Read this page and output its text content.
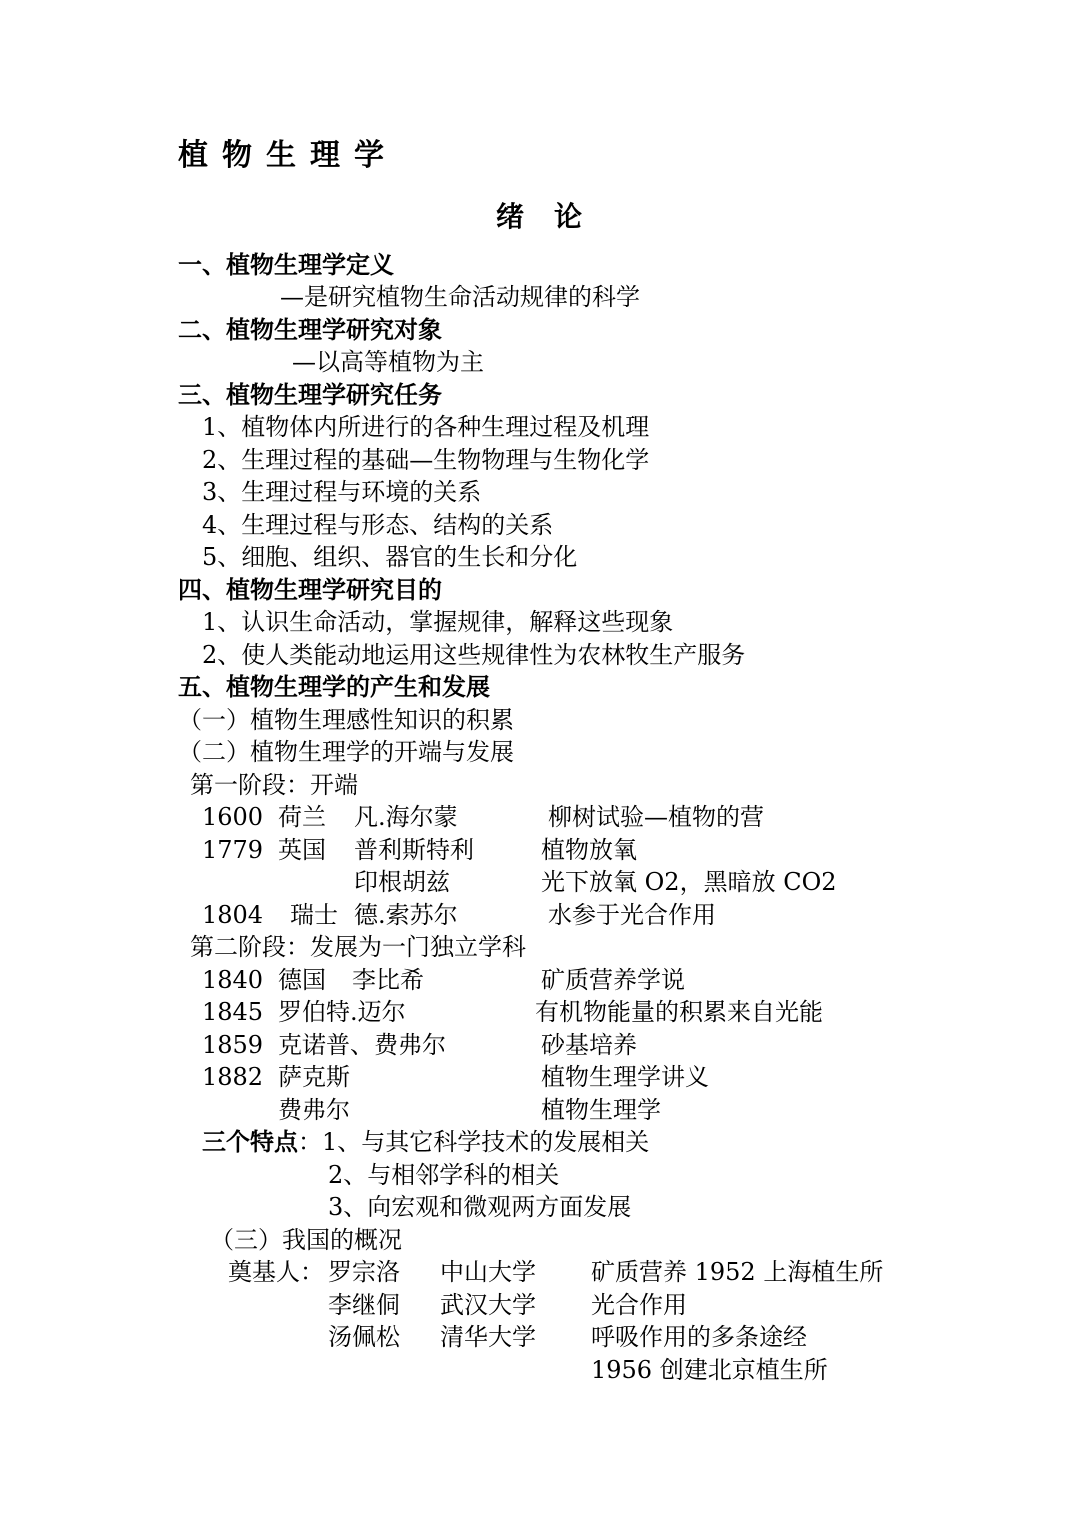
植物生理学
绪论
一、植物生理学定义
—是研究植物生命活动规律的科学
二、植物生理学研究对象
—以高等植物为主
三、植物生理学研究任务
1、植物体内所进行的各种生理过程及机理
2、生理过程的基础—生物物理与生物化学
3、生理过程与环境的关系
4、生理过程与形态、结构的关系
5、细胞、组织、器官的生长和分化
四、植物生理学研究目的
1、认识生命活动，掌握规律，解释这些现象
2、使人类能动地运用这些规律性为农林牧生产服务
五、植物生理学的产生和发展
（一）植物生理感性知识的积累
（二）植物生理学的开端与发展
第一阶段：开端
1600 荷兰 凡.海尔蒙	柳树试验—植物的营
1779 英国 普利斯特利	植物放氧
印根胡兹	光下放氧 O2，黑暗放 CO2
1804 瑞士 德.索苏尔	水参于光合作用
第二阶段：发展为一门独立学科
1840 德国 李比希	矿质营养学说
1845 罗伯特.迈尔	有机物能量的积累来自光能
1859 克诺普、费弗尔	砂基培养
1882 萨克斯	植物生理学讲义
费弗尔	植物生理学
三个特点：1、与其它科学技术的发展相关
2、与相邻学科的相关
3、向宏观和微观两方面发展
（三）我国的概况
奠基人： 罗宗洛 中山大学 矿质营养 1952 上海植生所
李继侗 武汉大学 光合作用
汤佩松 清华大学 呼吸作用的多条途经
1956 创建北京植生所
